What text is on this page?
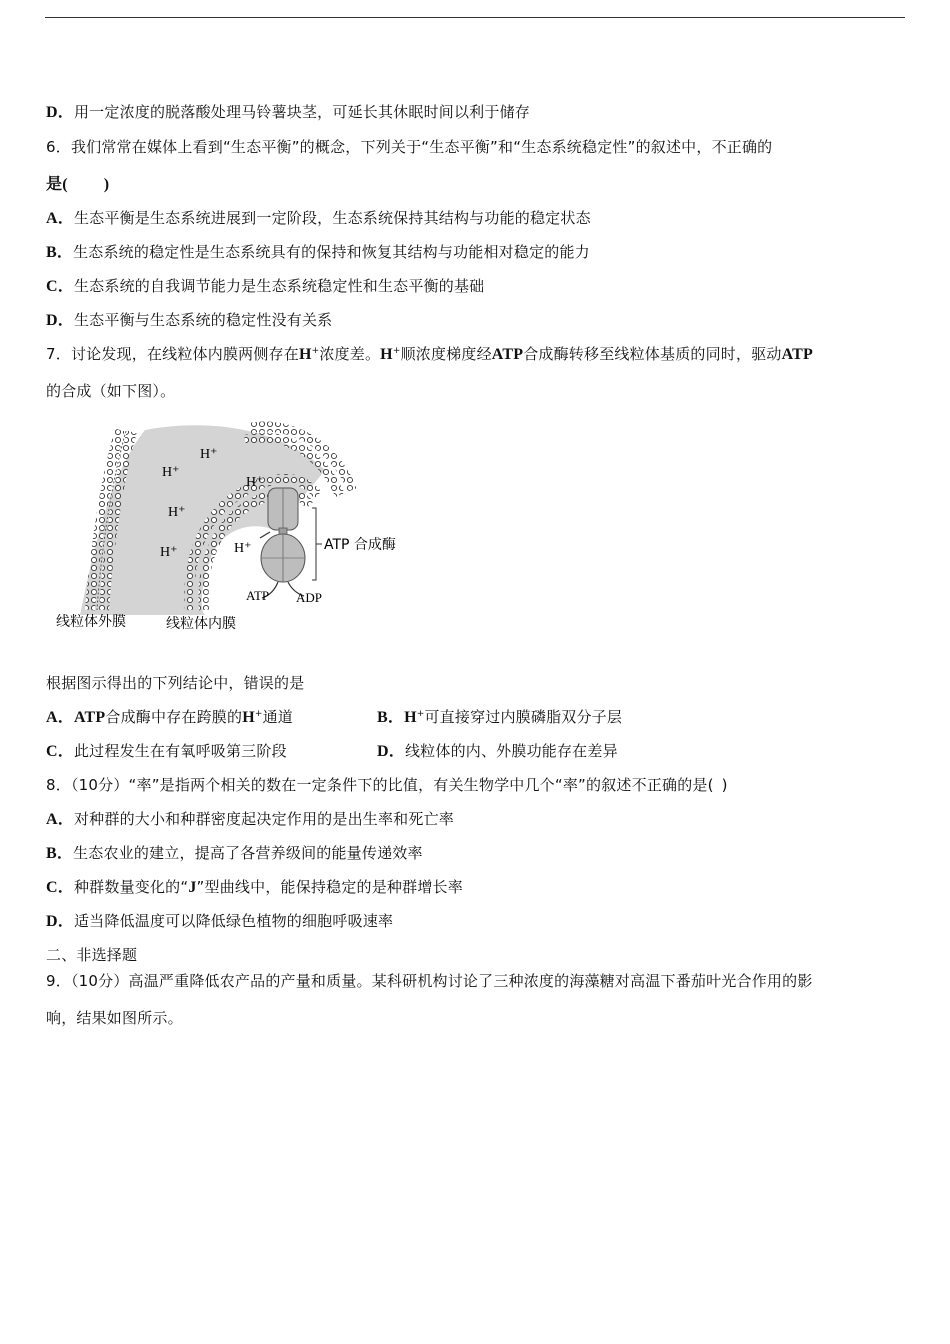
D．用一定浓度的脱落酸处理马铃薯块茎，可延长其休眠时间以利于储存
6．我们常常在媒体上看到“生态平衡”的概念，下列关于“生态平衡”和“生态系统稳定性”的叙述中，不正确的
是( )
A．生态平衡是生态系统进展到一定阶段，生态系统保持其结构与功能的稳定状态
B．生态系统的稳定性是生态系统具有的保持和恢复其结构与功能相对稳定的能力
C．生态系统的自我调节能力是生态系统稳定性和生态平衡的基础
D．生态平衡与生态系统的稳定性没有关系
7．讨论发现，在线粒体内膜两侧存在H+浓度差。H+顺浓度梯度经ATP合成酶转移至线粒体基质的同时，驱动ATP
的合成（如下图）。
H⁺
H⁺
H⁺
H⁺
H⁺	H⁺	ATP 合成酶
ATP ADP
线粒体外膜	线粒体内膜
根据图示得出的下列结论中，错误的是
A．ATP合成酶中存在跨膜的H+通道	B．H+可直接穿过内膜磷脂双分子层
C．此过程发生在有氧呼吸第三阶段	D．线粒体的内、外膜功能存在差异
8．（10分）“率”是指两个相关的数在一定条件下的比值，有关生物学中几个“率”的叙述不正确的是( )
A．对种群的大小和种群密度起决定作用的是出生率和死亡率
B．生态农业的建立，提高了各营养级间的能量传递效率
C．种群数量变化的“J”型曲线中，能保持稳定的是种群增长率
D．适当降低温度可以降低绿色植物的细胞呼吸速率
二、非选择题
9．（10分）高温严重降低农产品的产量和质量。某科研机构讨论了三种浓度的海藻糖对高温下番茄叶光合作用的影
响，结果如图所示。
